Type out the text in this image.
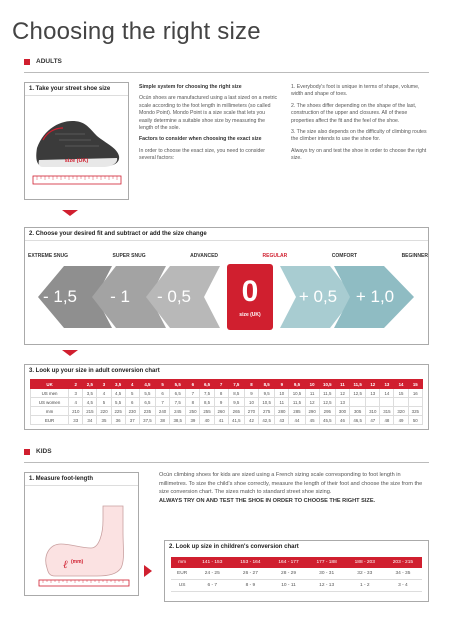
Choosing the right size
ADULTS
1. Take your street shoe size
size (UK)

Simple system for choosing the right size

Ocún shoes are manufactured using a last sized on a metric scale according to the foot length in millimeters (so called Mondo Point). Mondo Point is a size scale that lets you easily determine a suitable shoe size by measuring the length of the sole.

Factors to consider when choosing the exact size

In order to choose the exact size, you need to consider several factors:

1. Everybody's foot is unique in terms of shape, volume, width and shape of toes.

2. The shoes differ depending on the shape of the last, construction of the upper and closures. All of these properties affect the fit and the feel of the shoe.

3. The size also depends on the difficulty of climbing routes the climber intends to use the shoe for.

Always try on and test the shoe in order to choose the right size.

2. Choose your desired fit and subtract or add the size change
EXTREME SNUG	SUPER SNUG	ADVANCED	REGULAR	COMFORT	BEGINNER
- 1,5	- 1	- 0,5	0
size (UK)
+ 0,5	+ 1,0
3. Look up your size in adult conversion chart
UK	2	2,5	3	3,5	4	4,5	5	5,5	6	6,5	7	7,5	8	8,5	9	9,5	10	10,5	11	11,5	12	13	14	15
US men	3	3,5	4	4,5	5	5,5	6	6,5	7	7,5	8	8,5	9	9,5	10	10,5	11	11,5	12	12,5	13	14	15	16
US women	4	4,5	5	5,5	6	6,5	7	7,5	8	8,5	9	9,5	10	10,5	11	11,5	12	12,5	13					
mm	210	215	220	225	230	235	240	245	250	255	260	265	270	275	280	285	290	295	300	305	310	315	320	325
EUR	33	34	35	36	37	37,5	38	38,5	39	40	41	41,5	42	42,5	43	44	45	45,5	46	46,5	47	48	49	50
KIDS
1. Measure foot-length
ℓ (mm)

Ocún climbing shoes for kids are sized using a French sizing scale corresponding to foot length in millimetres. To size the child's shoe correctly, measure the length of their foot and choose the size from the size conversion chart. The sizes match to standard street shoe sizing.

ALWAYS TRY ON AND TEST THE SHOE IN ORDER TO CHOOSE THE RIGHT SIZE.

2. Look up size in children's conversion chart
mm	141 - 153	153 - 164	164 - 177	177 - 188	188 - 203	203 - 215
EUR	24 - 25	26 - 27	28 - 29	30 - 31	32 - 33	34 - 35
US	6 - 7	8 - 9	10 - 11	12 - 13	1 - 2	3 - 4
